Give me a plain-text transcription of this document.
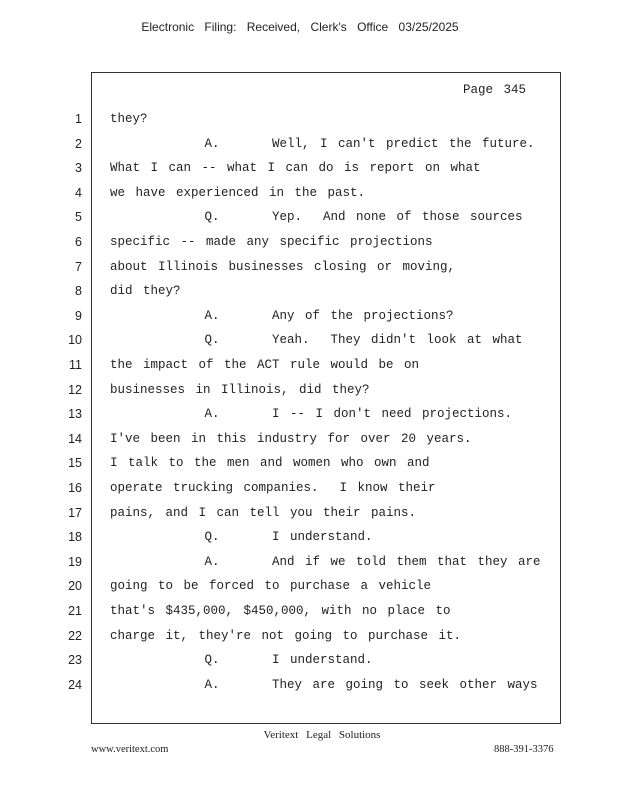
Electronic Filing: Received, Clerk's Office 03/25/2025
Page 345
1 they?
2 A.     Well, I can't predict the future.
3 What I can -- what I can do is report on what
4 we have experienced in the past.
5 Q.     Yep.  And none of those sources
6 specific -- made any specific projections
7 about Illinois businesses closing or moving,
8 did they?
9 A.     Any of the projections?
10 Q.     Yeah.  They didn't look at what
11 the impact of the ACT rule would be on
12 businesses in Illinois, did they?
13 A.     I -- I don't need projections.
14 I've been in this industry for over 20 years.
15 I talk to the men and women who own and
16 operate trucking companies.  I know their
17 pains, and I can tell you their pains.
18 Q.     I understand.
19 A.     And if we told them that they are
20 going to be forced to purchase a vehicle
21 that's $435,000, $450,000, with no place to
22 charge it, they're not going to purchase it.
23 Q.     I understand.
24 A.     They are going to seek other ways
Veritext Legal Solutions
www.veritext.com	888-391-3376
